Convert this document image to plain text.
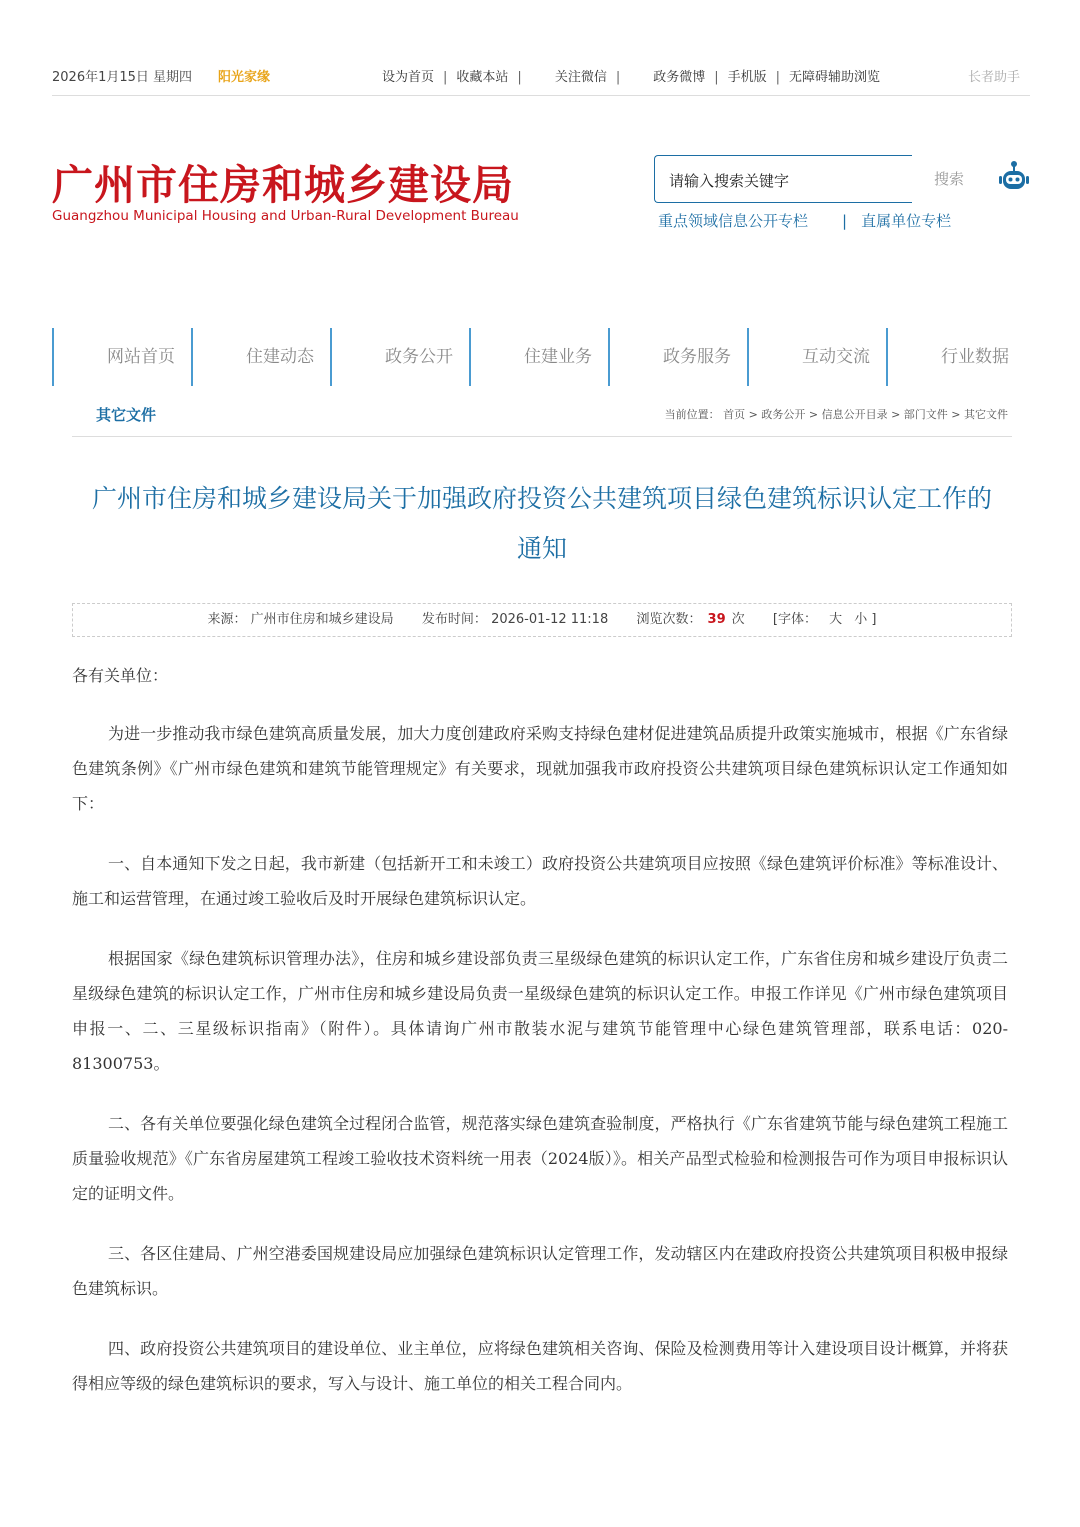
2026年1月15日 星期四 阳光家缘	设为首页 | 收藏本站 |	关注微信 |	政务微博 | 手机版 | 无障碍辅助浏览	长者助手
广州市住房和城乡建设局
Guangzhou Municipal Housing and Urban-Rural Development Bureau
请输入搜索关键字	搜索
重点领域信息公开专栏 | 直属单位专栏
网站首页	住建动态	政务公开	住建业务	政务服务	互动交流	行业数据
其它文件	当前位置： 首页 > 政务公开 > 信息公开目录 > 部门文件 > 其它文件
广州市住房和城乡建设局关于加强政府投资公共建筑项目绿色建筑标识认定工作的
通知
来源： 广州市住房和城乡建设局 发布时间： 2026-01-12 11:18 浏览次数： 39 次 [字体： 大 小 ]

各有关单位：

为进一步推动我市绿色建筑高质量发展，加大力度创建政府采购支持绿色建材促进建筑品质提升政策实施城市，根据《广东省绿色建筑条例》《广州市绿色建筑和建筑节能管理规定》有关要求，现就加强我市政府投资公共建筑项目绿色建筑标识认定工作通知如下：

一、自本通知下发之日起，我市新建（包括新开工和未竣工）政府投资公共建筑项目应按照《绿色建筑评价标准》等标准设计、施工和运营管理，在通过竣工验收后及时开展绿色建筑标识认定。

根据国家《绿色建筑标识管理办法》，住房和城乡建设部负责三星级绿色建筑的标识认定工作，广东省住房和城乡建设厅负责二星级绿色建筑的标识认定工作，广州市住房和城乡建设局负责一星级绿色建筑的标识认定工作。申报工作详见《广州市绿色建筑项目申报一、二、三星级标识指南》（附件）。具体请询广州市散装水泥与建筑节能管理中心绿色建筑管理部，联系电话：020-81300753。

二、各有关单位要强化绿色建筑全过程闭合监管，规范落实绿色建筑查验制度，严格执行《广东省建筑节能与绿色建筑工程施工质量验收规范》《广东省房屋建筑工程竣工验收技术资料统一用表（2024版）》。相关产品型式检验和检测报告可作为项目申报标识认定的证明文件。

三、各区住建局、广州空港委国规建设局应加强绿色建筑标识认定管理工作，发动辖区内在建政府投资公共建筑项目积极申报绿色建筑标识。

四、政府投资公共建筑项目的建设单位、业主单位，应将绿色建筑相关咨询、保险及检测费用等计入建设项目设计概算，并将获得相应等级的绿色建筑标识的要求，写入与设计、施工单位的相关工程合同内。
